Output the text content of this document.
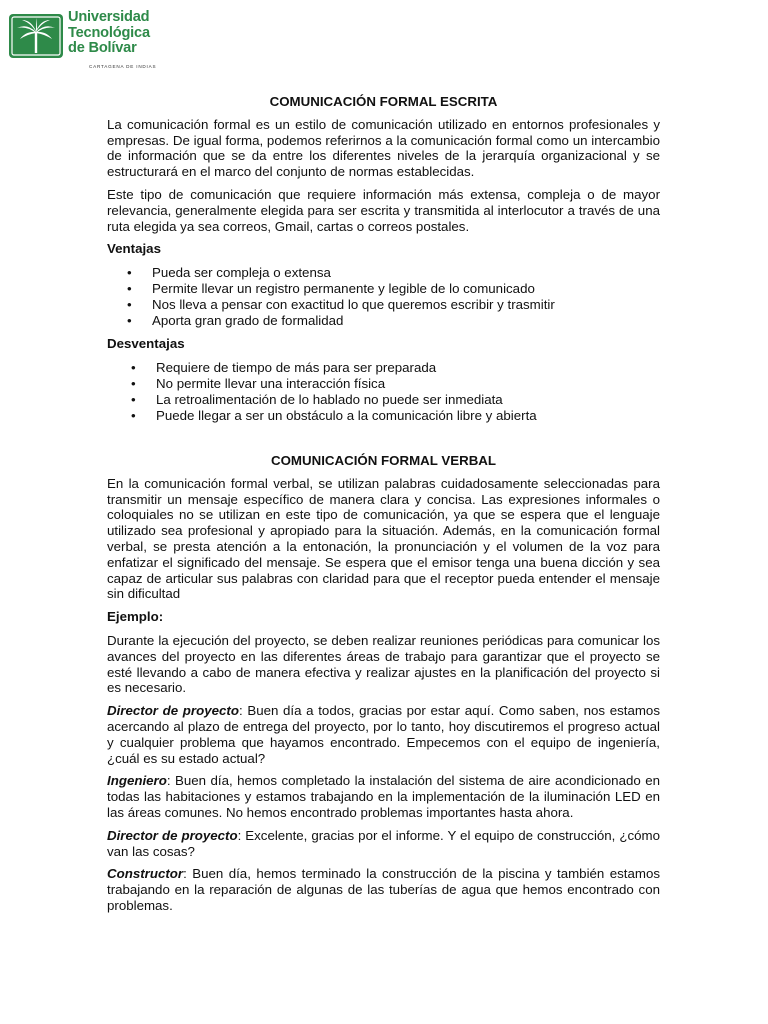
Universidad
Tecnológica
de Bolívar
CARTAGENA DE INDIAS
COMUNICACIÓN FORMAL ESCRITA

La comunicación formal es un estilo de comunicación utilizado en entornos profesionales y empresas. De igual forma, podemos referirnos a la comunicación formal como un intercambio de información que se da entre los diferentes niveles de la jerarquía organizacional y se estructurará en el marco del conjunto de normas establecidas.

Este tipo de comunicación que requiere información más extensa, compleja o de mayor relevancia, generalmente elegida para ser escrita y transmitida al interlocutor a través de una ruta elegida ya sea correos, Gmail, cartas o correos postales.

Ventajas
• Pueda ser compleja o extensa
• Permite llevar un registro permanente y legible de lo comunicado
• Nos lleva a pensar con exactitud lo que queremos escribir y trasmitir
• Aporta gran grado de formalidad
Desventajas
• Requiere de tiempo de más para ser preparada
• No permite llevar una interacción física
• La retroalimentación de lo hablado no puede ser inmediata
• Puede llegar a ser un obstáculo a la comunicación libre y abierta
COMUNICACIÓN FORMAL VERBAL

En la comunicación formal verbal, se utilizan palabras cuidadosamente seleccionadas para transmitir un mensaje específico de manera clara y concisa. Las expresiones informales o coloquiales no se utilizan en este tipo de comunicación, ya que se espera que el lenguaje utilizado sea profesional y apropiado para la situación. Además, en la comunicación formal verbal, se presta atención a la entonación, la pronunciación y el volumen de la voz para enfatizar el significado del mensaje. Se espera que el emisor tenga una buena dicción y sea capaz de articular sus palabras con claridad para que el receptor pueda entender el mensaje sin dificultad

Ejemplo:

Durante la ejecución del proyecto, se deben realizar reuniones periódicas para comunicar los avances del proyecto en las diferentes áreas de trabajo para garantizar que el proyecto se esté llevando a cabo de manera efectiva y realizar ajustes en la planificación del proyecto si es necesario.

Director de proyecto: Buen día a todos, gracias por estar aquí. Como saben, nos estamos acercando al plazo de entrega del proyecto, por lo tanto, hoy discutiremos el progreso actual y cualquier problema que hayamos encontrado. Empecemos con el equipo de ingeniería, ¿cuál es su estado actual?

Ingeniero: Buen día, hemos completado la instalación del sistema de aire acondicionado en todas las habitaciones y estamos trabajando en la implementación de la iluminación LED en las áreas comunes. No hemos encontrado problemas importantes hasta ahora.

Director de proyecto: Excelente, gracias por el informe. Y el equipo de construcción, ¿cómo van las cosas?

Constructor: Buen día, hemos terminado la construcción de la piscina y también estamos trabajando en la reparación de algunas de las tuberías de agua que hemos encontrado con problemas.
